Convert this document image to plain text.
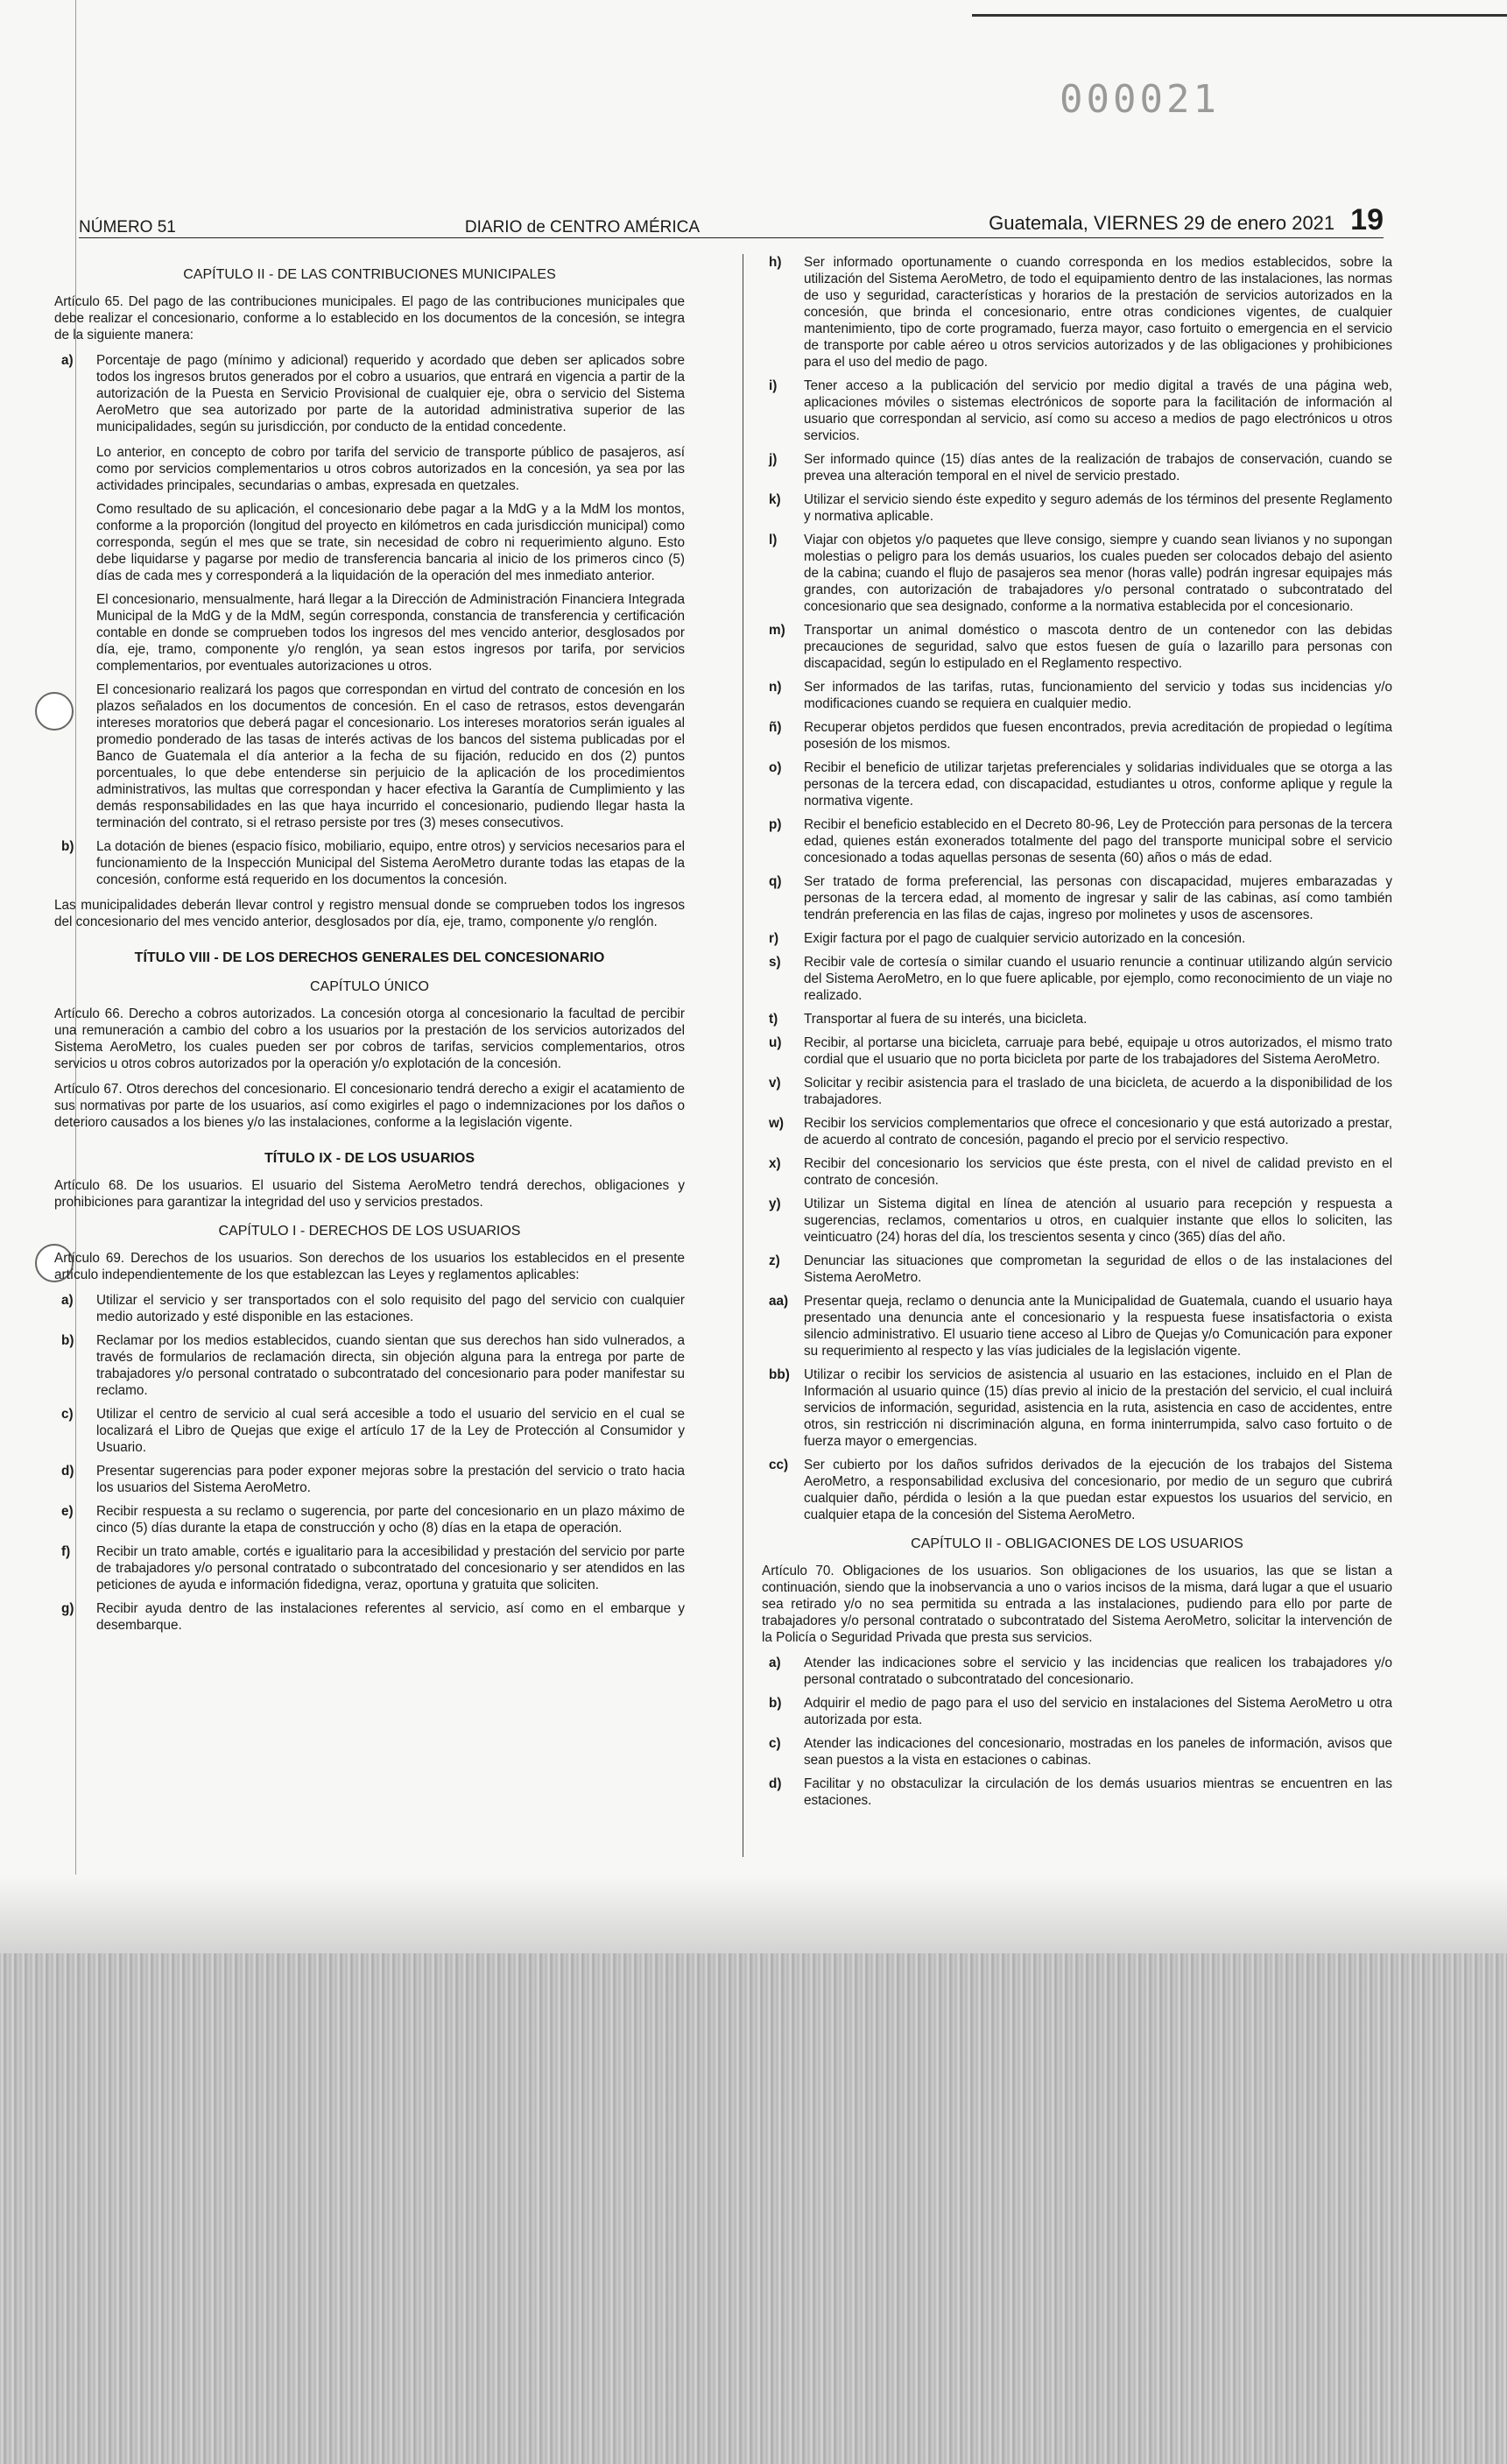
000021
NÚMERO 51	DIARIO de CENTRO AMÉRICA	Guatemala, VIERNES 29 de enero 2021 19
CAPÍTULO II - DE LAS CONTRIBUCIONES MUNICIPALES

Artículo 65. Del pago de las contribuciones municipales. El pago de las contribuciones municipales que debe realizar el concesionario, conforme a lo establecido en los documentos de la concesión, se integra de la siguiente manera:

a) Porcentaje de pago (mínimo y adicional) requerido y acordado que deben ser aplicados sobre todos los ingresos brutos generados por el cobro a usuarios, que entrará en vigencia a partir de la autorización de la Puesta en Servicio Provisional de cualquier eje, obra o servicio del Sistema AeroMetro que sea autorizado por parte de la autoridad administrativa superior de las municipalidades, según su jurisdicción, por conducto de la entidad concedente.

Lo anterior, en concepto de cobro por tarifa del servicio de transporte público de pasajeros, así como por servicios complementarios u otros cobros autorizados en la concesión, ya sea por las actividades principales, secundarias o ambas, expresada en quetzales.

Como resultado de su aplicación, el concesionario debe pagar a la MdG y a la MdM los montos, conforme a la proporción (longitud del proyecto en kilómetros en cada jurisdicción municipal) como corresponda, según el mes que se trate, sin necesidad de cobro ni requerimiento alguno. Esto debe liquidarse y pagarse por medio de transferencia bancaria al inicio de los primeros cinco (5) días de cada mes y corresponderá a la liquidación de la operación del mes inmediato anterior.

El concesionario, mensualmente, hará llegar a la Dirección de Administración Financiera Integrada Municipal de la MdG y de la MdM, según corresponda, constancia de transferencia y certificación contable en donde se comprueben todos los ingresos del mes vencido anterior, desglosados por día, eje, tramo, componente y/o renglón, ya sean estos ingresos por tarifa, por servicios complementarios, por eventuales autorizaciones u otros.

El concesionario realizará los pagos que correspondan en virtud del contrato de concesión en los plazos señalados en los documentos de concesión. En el caso de retrasos, estos devengarán intereses moratorios que deberá pagar el concesionario. Los intereses moratorios serán iguales al promedio ponderado de las tasas de interés activas de los bancos del sistema publicadas por el Banco de Guatemala el día anterior a la fecha de su fijación, reducido en dos (2) puntos porcentuales, lo que debe entenderse sin perjuicio de la aplicación de los procedimientos administrativos, las multas que correspondan y hacer efectiva la Garantía de Cumplimiento y las demás responsabilidades en las que haya incurrido el concesionario, pudiendo llegar hasta la terminación del contrato, si el retraso persiste por tres (3) meses consecutivos.

b) La dotación de bienes (espacio físico, mobiliario, equipo, entre otros) y servicios necesarios para el funcionamiento de la Inspección Municipal del Sistema AeroMetro durante todas las etapas de la concesión, conforme está requerido en los documentos la concesión.

Las municipalidades deberán llevar control y registro mensual donde se comprueben todos los ingresos del concesionario del mes vencido anterior, desglosados por día, eje, tramo, componente y/o renglón.

TÍTULO VIII - DE LOS DERECHOS GENERALES DEL CONCESIONARIO
CAPÍTULO ÚNICO

Artículo 66. Derecho a cobros autorizados. La concesión otorga al concesionario la facultad de percibir una remuneración a cambio del cobro a los usuarios por la prestación de los servicios autorizados del Sistema AeroMetro, los cuales pueden ser por cobros de tarifas, servicios complementarios, otros servicios u otros cobros autorizados por la operación y/o explotación de la concesión.

Artículo 67. Otros derechos del concesionario. El concesionario tendrá derecho a exigir el acatamiento de sus normativas por parte de los usuarios, así como exigirles el pago o indemnizaciones por los daños o deterioro causados a los bienes y/o las instalaciones, conforme a la legislación vigente.

TÍTULO IX - DE LOS USUARIOS

Artículo 68. De los usuarios. El usuario del Sistema AeroMetro tendrá derechos, obligaciones y prohibiciones para garantizar la integridad del uso y servicios prestados.

CAPÍTULO I - DERECHOS DE LOS USUARIOS

Artículo 69. Derechos de los usuarios. Son derechos de los usuarios los establecidos en el presente artículo independientemente de los que establezcan las Leyes y reglamentos aplicables:

a) Utilizar el servicio y ser transportados con el solo requisito del pago del servicio con cualquier medio autorizado y esté disponible en las estaciones.
b) Reclamar por los medios establecidos, cuando sientan que sus derechos han sido vulnerados, a través de formularios de reclamación directa, sin objeción alguna para la entrega por parte de trabajadores y/o personal contratado o subcontratado del concesionario para poder manifestar su reclamo.
c) Utilizar el centro de servicio al cual será accesible a todo el usuario del servicio en el cual se localizará el Libro de Quejas que exige el artículo 17 de la Ley de Protección al Consumidor y Usuario.
d) Presentar sugerencias para poder exponer mejoras sobre la prestación del servicio o trato hacia los usuarios del Sistema AeroMetro.
e) Recibir respuesta a su reclamo o sugerencia, por parte del concesionario en un plazo máximo de cinco (5) días durante la etapa de construcción y ocho (8) días en la etapa de operación.
f) Recibir un trato amable, cortés e igualitario para la accesibilidad y prestación del servicio por parte de trabajadores y/o personal contratado o subcontratado del concesionario y ser atendidos en las peticiones de ayuda e información fidedigna, veraz, oportuna y gratuita que soliciten.
g) Recibir ayuda dentro de las instalaciones referentes al servicio, así como en el embarque y desembarque.
h) Ser informado oportunamente o cuando corresponda en los medios establecidos, sobre la utilización del Sistema AeroMetro, de todo el equipamiento dentro de las instalaciones, las normas de uso y seguridad, características y horarios de la prestación de servicios autorizados en la concesión, que brinda el concesionario, entre otras condiciones vigentes, de cualquier mantenimiento, tipo de corte programado, fuerza mayor, caso fortuito o emergencia en el servicio de transporte por cable aéreo u otros servicios autorizados y de las obligaciones y prohibiciones para el uso del medio de pago.
i) Tener acceso a la publicación del servicio por medio digital a través de una página web, aplicaciones móviles o sistemas electrónicos de soporte para la facilitación de información al usuario que correspondan al servicio, así como su acceso a medios de pago electrónicos u otros servicios.
j) Ser informado quince (15) días antes de la realización de trabajos de conservación, cuando se prevea una alteración temporal en el nivel de servicio prestado.
k) Utilizar el servicio siendo éste expedito y seguro además de los términos del presente Reglamento y normativa aplicable.
l) Viajar con objetos y/o paquetes que lleve consigo, siempre y cuando sean livianos y no supongan molestias o peligro para los demás usuarios, los cuales pueden ser colocados debajo del asiento de la cabina; cuando el flujo de pasajeros sea menor (horas valle) podrán ingresar equipajes más grandes, con autorización de trabajadores y/o personal contratado o subcontratado del concesionario que sea designado, conforme a la normativa establecida por el concesionario.
m) Transportar un animal doméstico o mascota dentro de un contenedor con las debidas precauciones de seguridad, salvo que estos fuesen de guía o lazarillo para personas con discapacidad, según lo estipulado en el Reglamento respectivo.
n) Ser informados de las tarifas, rutas, funcionamiento del servicio y todas sus incidencias y/o modificaciones cuando se requiera en cualquier medio.
ñ) Recuperar objetos perdidos que fuesen encontrados, previa acreditación de propiedad o legítima posesión de los mismos.
o) Recibir el beneficio de utilizar tarjetas preferenciales y solidarias individuales que se otorga a las personas de la tercera edad, con discapacidad, estudiantes u otros, conforme aplique y regule la normativa vigente.
p) Recibir el beneficio establecido en el Decreto 80-96, Ley de Protección para personas de la tercera edad, quienes están exonerados totalmente del pago del transporte municipal sobre el servicio concesionado a todas aquellas personas de sesenta (60) años o más de edad.
q) Ser tratado de forma preferencial, las personas con discapacidad, mujeres embarazadas y personas de la tercera edad, al momento de ingresar y salir de las cabinas, así como también tendrán preferencia en las filas de cajas, ingreso por molinetes y usos de ascensores.
r) Exigir factura por el pago de cualquier servicio autorizado en la concesión.
s) Recibir vale de cortesía o similar cuando el usuario renuncie a continuar utilizando algún servicio del Sistema AeroMetro, en lo que fuere aplicable, por ejemplo, como reconocimiento de un viaje no realizado.
t) Transportar al fuera de su interés, una bicicleta.
u) Recibir, al portarse una bicicleta, carruaje para bebé, equipaje u otros autorizados, el mismo trato cordial que el usuario que no porta bicicleta por parte de los trabajadores del Sistema AeroMetro.
v) Solicitar y recibir asistencia para el traslado de una bicicleta, de acuerdo a la disponibilidad de los trabajadores.
w) Recibir los servicios complementarios que ofrece el concesionario y que está autorizado a prestar, de acuerdo al contrato de concesión, pagando el precio por el servicio respectivo.
x) Recibir del concesionario los servicios que éste presta, con el nivel de calidad previsto en el contrato de concesión.
y) Utilizar un Sistema digital en línea de atención al usuario para recepción y respuesta a sugerencias, reclamos, comentarios u otros, en cualquier instante que ellos lo soliciten, las veinticuatro (24) horas del día, los trescientos sesenta y cinco (365) días del año.
z) Denunciar las situaciones que comprometan la seguridad de ellos o de las instalaciones del Sistema AeroMetro.
aa) Presentar queja, reclamo o denuncia ante la Municipalidad de Guatemala, cuando el usuario haya presentado una denuncia ante el concesionario y la respuesta fuese insatisfactoria o exista silencio administrativo. El usuario tiene acceso al Libro de Quejas y/o Comunicación para exponer su requerimiento al respecto y las vías judiciales de la legislación vigente.
bb) Utilizar o recibir los servicios de asistencia al usuario en las estaciones, incluido en el Plan de Información al usuario quince (15) días previo al inicio de la prestación del servicio, el cual incluirá servicios de información, seguridad, asistencia en la ruta, asistencia en caso de accidentes, entre otros, sin restricción ni discriminación alguna, en forma ininterrumpida, salvo caso fortuito o de fuerza mayor o emergencias.
cc) Ser cubierto por los daños sufridos derivados de la ejecución de los trabajos del Sistema AeroMetro, a responsabilidad exclusiva del concesionario, por medio de un seguro que cubrirá cualquier daño, pérdida o lesión a la que puedan estar expuestos los usuarios del servicio, en cualquier etapa de la concesión del Sistema AeroMetro.
CAPÍTULO II - OBLIGACIONES DE LOS USUARIOS

Artículo 70. Obligaciones de los usuarios. Son obligaciones de los usuarios, las que se listan a continuación, siendo que la inobservancia a uno o varios incisos de la misma, dará lugar a que el usuario sea retirado y/o no sea permitida su entrada a las instalaciones, pudiendo para ello por parte de trabajadores y/o personal contratado o subcontratado del Sistema AeroMetro, solicitar la intervención de la Policía o Seguridad Privada que presta sus servicios.

a) Atender las indicaciones sobre el servicio y las incidencias que realicen los trabajadores y/o personal contratado o subcontratado del concesionario.
b) Adquirir el medio de pago para el uso del servicio en instalaciones del Sistema AeroMetro u otra autorizada por esta.
c) Atender las indicaciones del concesionario, mostradas en los paneles de información, avisos que sean puestos a la vista en estaciones o cabinas.
d) Facilitar y no obstaculizar la circulación de los demás usuarios mientras se encuentren en las estaciones.
